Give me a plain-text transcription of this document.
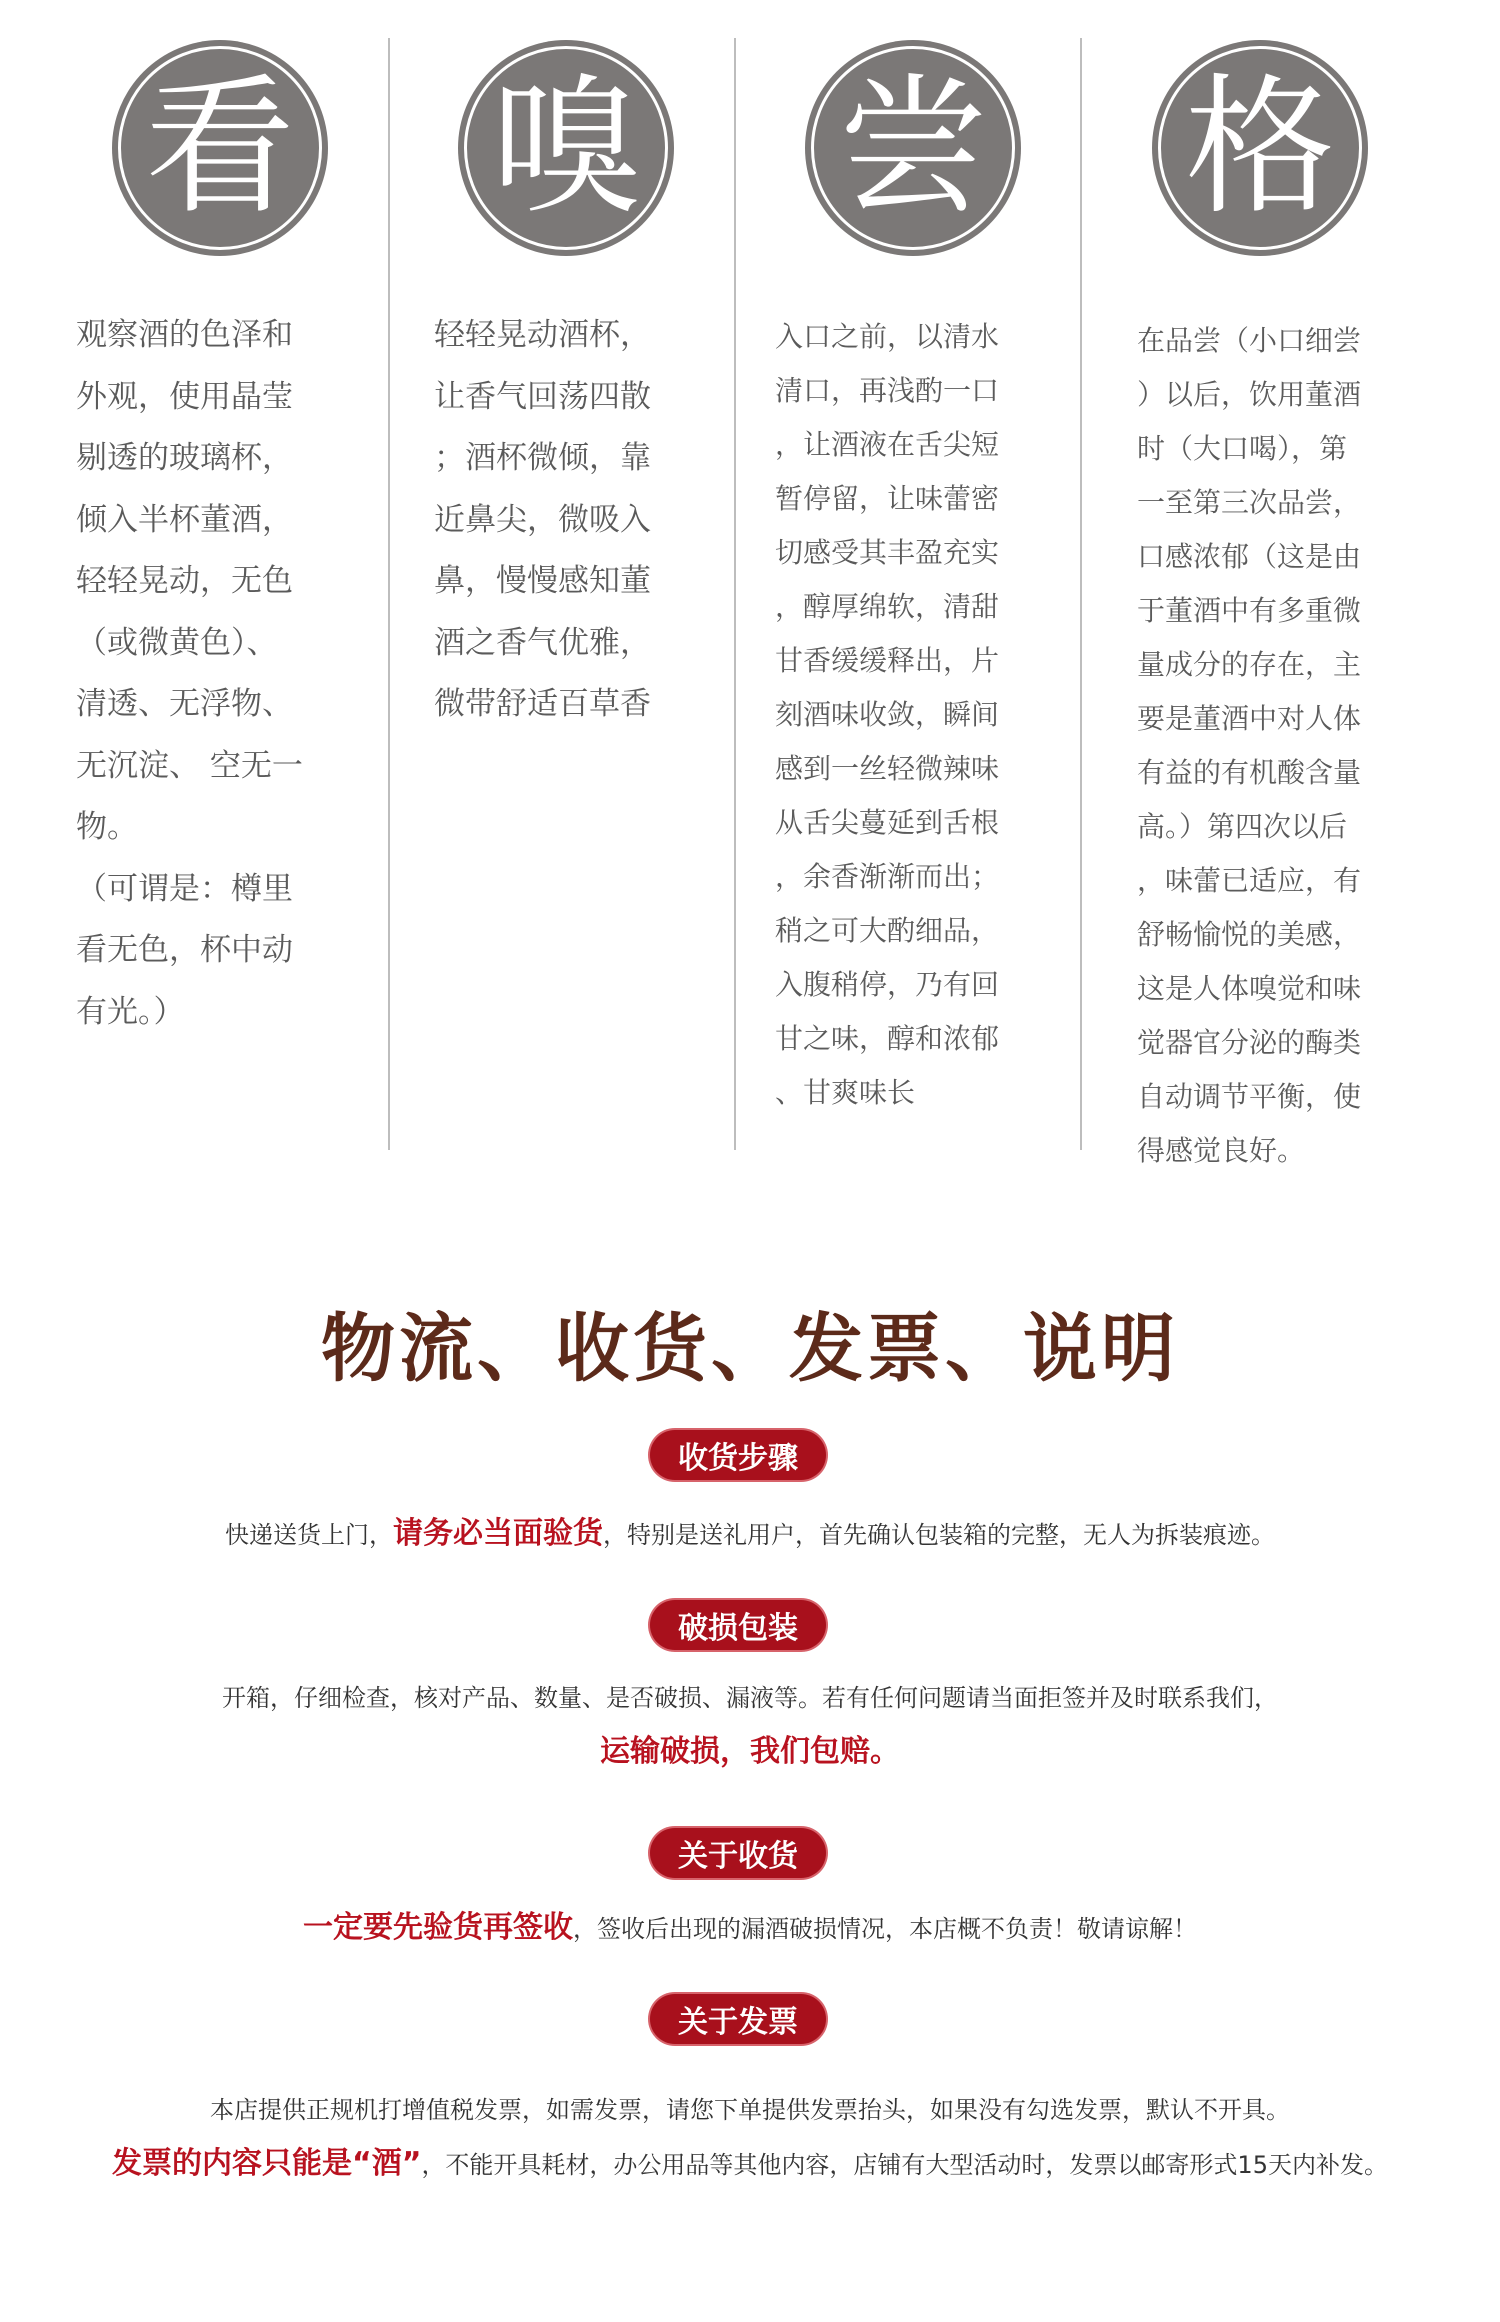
看
观察酒的色泽和
外观，使用晶莹
剔透的玻璃杯，
倾入半杯董酒，
轻轻晃动，无色
（或微黄色）、
清透、无浮物、
无沉淀、 空无一
物。
（可谓是：樽里
看无色，杯中动
有光。）
嗅
轻轻晃动酒杯，
让香气回荡四散
；酒杯微倾，靠
近鼻尖，微吸入
鼻，慢慢感知董
酒之香气优雅，
微带舒适百草香
尝
入口之前，以清水
清口，再浅酌一口
，让酒液在舌尖短
暂停留，让味蕾密
切感受其丰盈充实
，醇厚绵软，清甜
甘香缓缓释出，片
刻酒味收敛，瞬间
感到一丝轻微辣味
从舌尖蔓延到舌根
，余香渐渐而出；
稍之可大酌细品，
入腹稍停，乃有回
甘之味，醇和浓郁
、甘爽味长
格
在品尝（小口细尝
）以后，饮用董酒
时（大口喝），第
一至第三次品尝，
口感浓郁（这是由
于董酒中有多重微
量成分的存在，主
要是董酒中对人体
有益的有机酸含量
高。）第四次以后
，味蕾已适应，有
舒畅愉悦的美感，
这是人体嗅觉和味
觉器官分泌的酶类
自动调节平衡，使
得感觉良好。
物流、收货、发票、说明
收货步骤
快递送货上门，请务必当面验货，特别是送礼用户，首先确认包装箱的完整，无人为拆装痕迹。
破损包装
开箱，仔细检查，核对产品、数量、是否破损、漏液等。若有任何问题请当面拒签并及时联系我们，
运输破损，我们包赔。
关于收货
一定要先验货再签收，签收后出现的漏酒破损情况，本店概不负责！敬请谅解！
关于发票
本店提供正规机打增值税发票，如需发票，请您下单提供发票抬头，如果没有勾选发票，默认不开具。
发票的内容只能是“酒”，不能开具耗材，办公用品等其他内容，店铺有大型活动时，发票以邮寄形式15天内补发。
